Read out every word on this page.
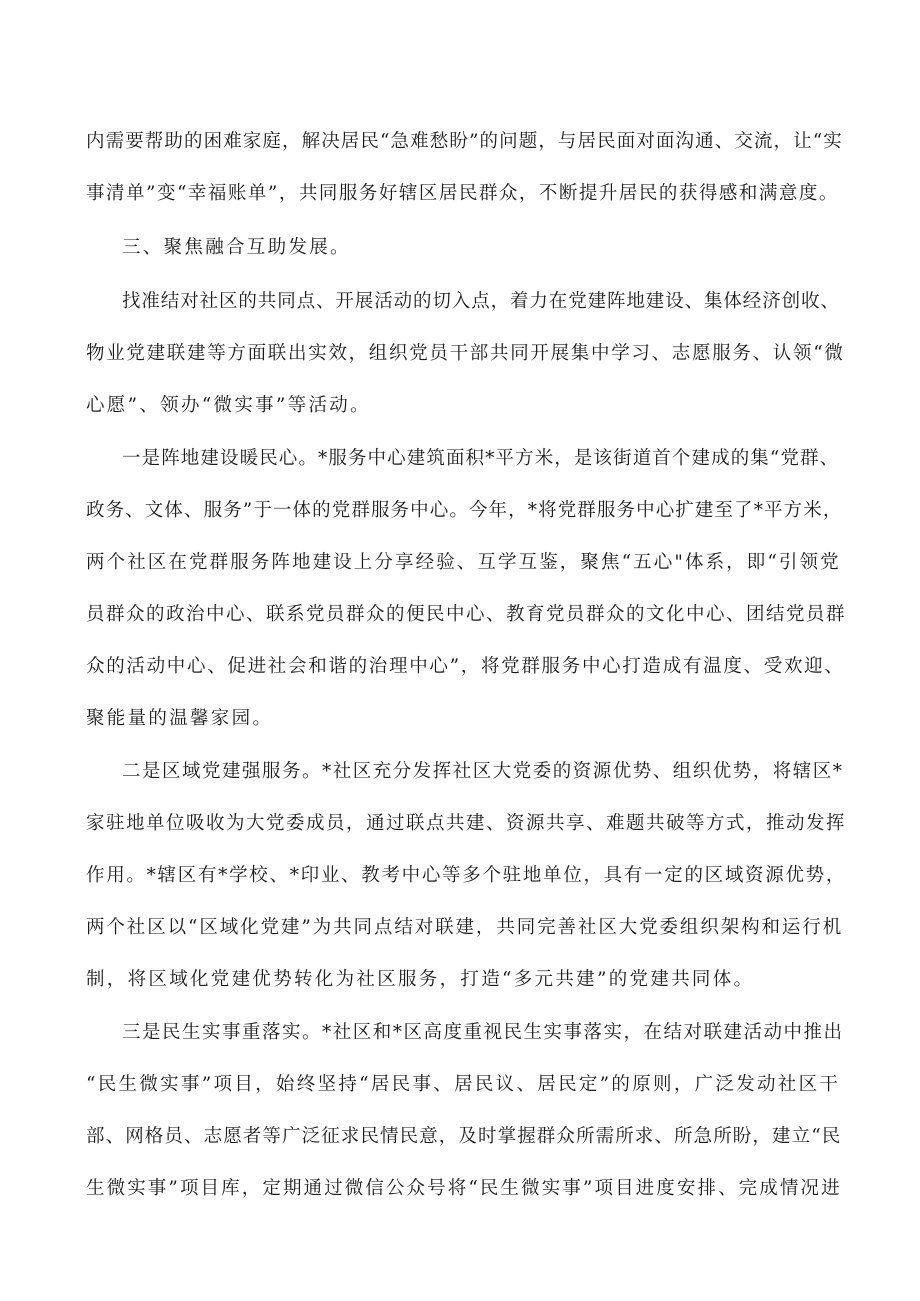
内需要帮助的困难家庭，解决居民“急难愁盼”的问题，与居民面对面沟通、交流，让“实
事清单”变“幸福账单”，共同服务好辖区居民群众，不断提升居民的获得感和满意度。
三、聚焦融合互助发展。
找准结对社区的共同点、开展活动的切入点，着力在党建阵地建设、集体经济创收、
物业党建联建等方面联出实效，组织党员干部共同开展集中学习、志愿服务、认领“微
心愿”、领办“微实事”等活动。
一是阵地建设暖民心。*服务中心建筑面积*平方米，是该街道首个建成的集“党群、
政务、文体、服务”于一体的党群服务中心。今年，*将党群服务中心扩建至了*平方米，
两个社区在党群服务阵地建设上分享经验、互学互鉴，聚焦“五心"体系，即“引领党
员群众的政治中心、联系党员群众的便民中心、教育党员群众的文化中心、团结党员群
众的活动中心、促进社会和谐的治理中心”，将党群服务中心打造成有温度、受欢迎、
聚能量的温馨家园。
二是区域党建强服务。*社区充分发挥社区大党委的资源优势、组织优势，将辖区*
家驻地单位吸收为大党委成员，通过联点共建、资源共享、难题共破等方式，推动发挥
作用。*辖区有*学校、*印业、教考中心等多个驻地单位，具有一定的区域资源优势，
两个社区以“区域化党建”为共同点结对联建，共同完善社区大党委组织架构和运行机
制，将区域化党建优势转化为社区服务，打造“多元共建”的党建共同体。
三是民生实事重落实。*社区和*区高度重视民生实事落实，在结对联建活动中推出
“民生微实事”项目，始终坚持“居民事、居民议、居民定”的原则，广泛发动社区干
部、网格员、志愿者等广泛征求民情民意，及时掌握群众所需所求、所急所盼，建立“民
生微实事”项目库，定期通过微信公众号将“民生微实事”项目进度安排、完成情况进
